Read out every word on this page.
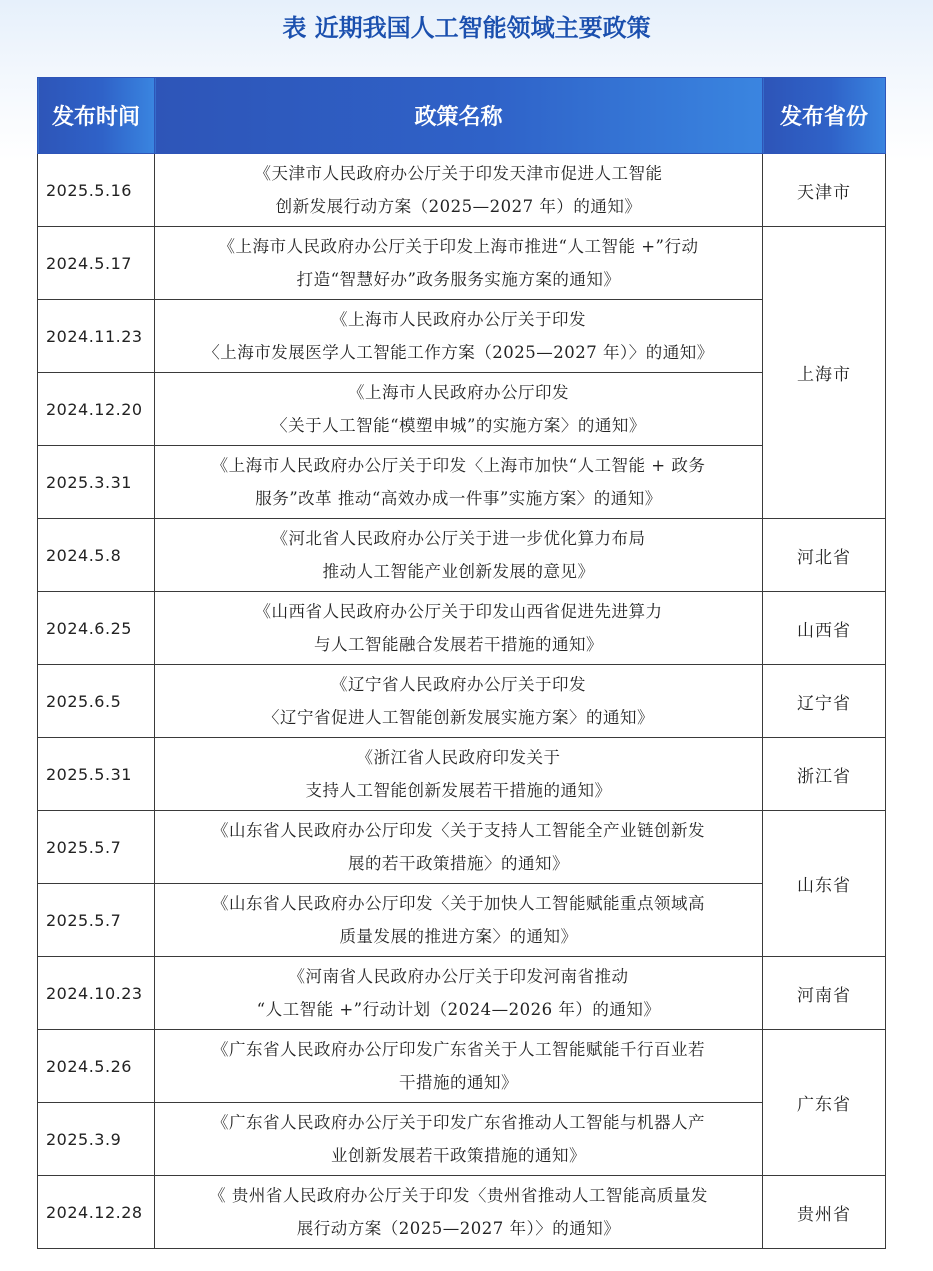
表 近期我国人工智能领域主要政策
发布时间	政策名称	发布省份
2025.5.16	《天津市人民政府办公厅关于印发天津市促进人工智能
创新发展行动方案（2025—2027 年）的通知》	天津市
2024.5.17	《上海市人民政府办公厅关于印发上海市推进“人工智能 +”行动
打造“智慧好办”政务服务实施方案的通知》	上海市
2024.11.23	《上海市人民政府办公厅关于印发
〈上海市发展医学人工智能工作方案（2025—2027 年）〉的通知》	

2024.12.20	《上海市人民政府办公厅印发
〈关于人工智能“模塑申城”的实施方案〉的通知》	

2025.3.31	《上海市人民政府办公厅关于印发〈上海市加快“人工智能 + 政务
服务”改革 推动“高效办成一件事”实施方案〉的通知》	

2024.5.8	《河北省人民政府办公厅关于进一步优化算力布局
推动人工智能产业创新发展的意见》	河北省
2024.6.25	《山西省人民政府办公厅关于印发山西省促进先进算力
与人工智能融合发展若干措施的通知》	山西省
2025.6.5	《辽宁省人民政府办公厅关于印发
〈辽宁省促进人工智能创新发展实施方案〉的通知》	辽宁省
2025.5.31	《浙江省人民政府印发关于
支持人工智能创新发展若干措施的通知》	浙江省
2025.5.7	《山东省人民政府办公厅印发〈关于支持人工智能全产业链创新发
展的若干政策措施〉的通知》	山东省
2025.5.7	《山东省人民政府办公厅印发〈关于加快人工智能赋能重点领域高
质量发展的推进方案〉的通知》	

2024.10.23	《河南省人民政府办公厅关于印发河南省推动
“人工智能 +”行动计划（2024—2026 年）的通知》	河南省
2024.5.26	《广东省人民政府办公厅印发广东省关于人工智能赋能千行百业若
干措施的通知》	广东省
2025.3.9	《广东省人民政府办公厅关于印发广东省推动人工智能与机器人产
业创新发展若干政策措施的通知》	

2024.12.28	《 贵州省人民政府办公厅关于印发〈贵州省推动人工智能高质量发
展行动方案（2025—2027 年）〉的通知》	贵州省
